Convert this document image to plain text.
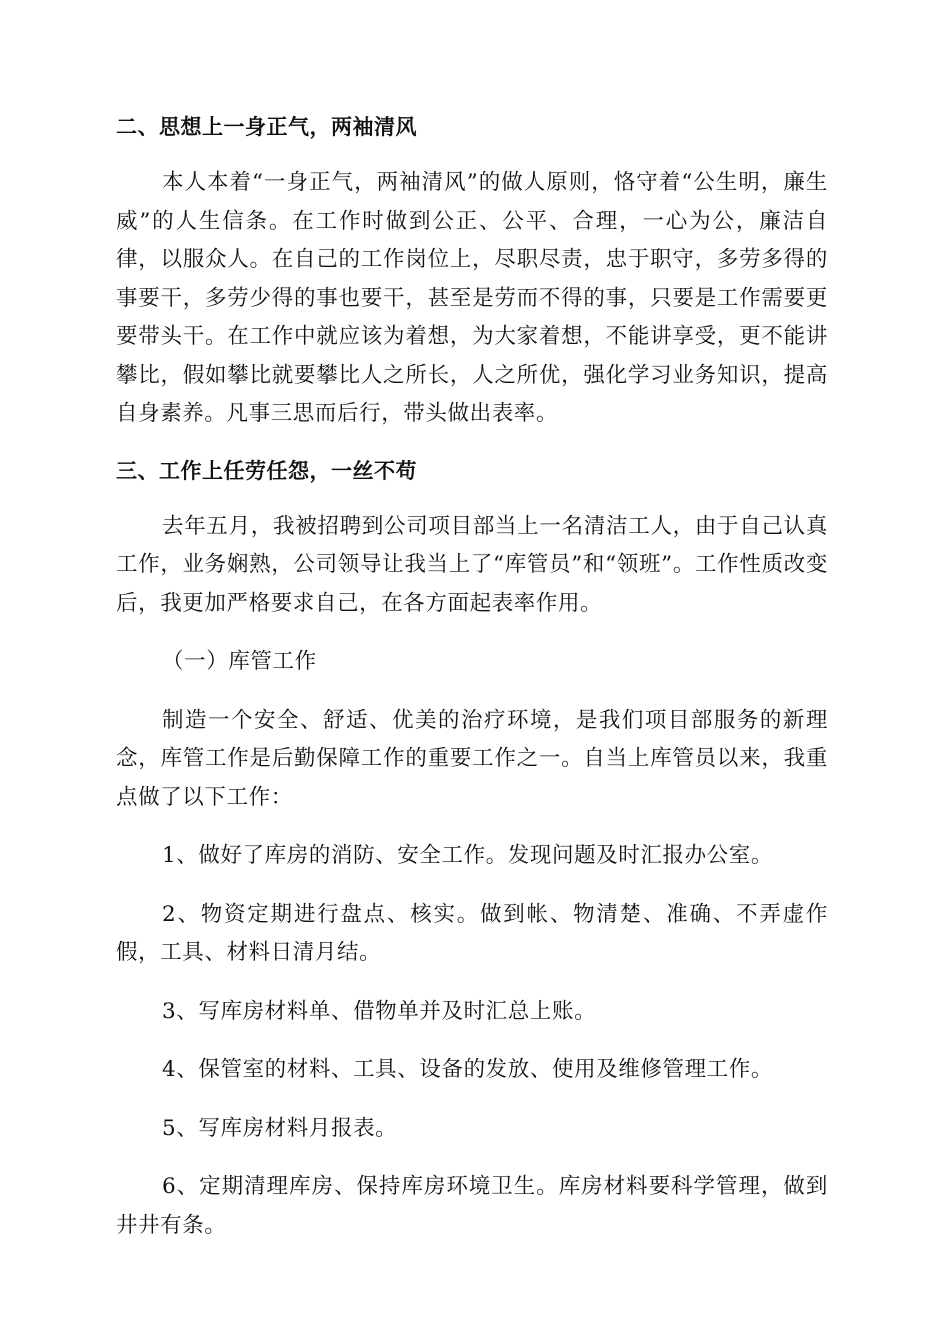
二、思想上一身正气，两袖清风

本人本着“一身正气，两袖清风”的做人原则，恪守着“公生明，廉生威”的人生信条。在工作时做到公正、公平、合理，一心为公，廉洁自律，以服众人。在自己的工作岗位上，尽职尽责，忠于职守，多劳多得的事要干，多劳少得的事也要干，甚至是劳而不得的事，只要是工作需要更要带头干。在工作中就应该为着想，为大家着想，不能讲享受，更不能讲攀比，假如攀比就要攀比人之所长，人之所优，强化学习业务知识，提高自身素养。凡事三思而后行，带头做出表率。

三、工作上任劳任怨，一丝不苟

去年五月，我被招聘到公司项目部当上一名清洁工人，由于自己认真工作，业务娴熟，公司领导让我当上了“库管员”和“领班”。工作性质改变后，我更加严格要求自己，在各方面起表率作用。

（一）库管工作

制造一个安全、舒适、优美的治疗环境，是我们项目部服务的新理念，库管工作是后勤保障工作的重要工作之一。自当上库管员以来，我重点做了以下工作：

1、做好了库房的消防、安全工作。发现问题及时汇报办公室。

2、物资定期进行盘点、核实。做到帐、物清楚、准确、不弄虚作假，工具、材料日清月结。

3、写库房材料单、借物单并及时汇总上账。

4、保管室的材料、工具、设备的发放、使用及维修管理工作。

5、写库房材料月报表。

6、定期清理库房、保持库房环境卫生。库房材料要科学管理，做到井井有条。
